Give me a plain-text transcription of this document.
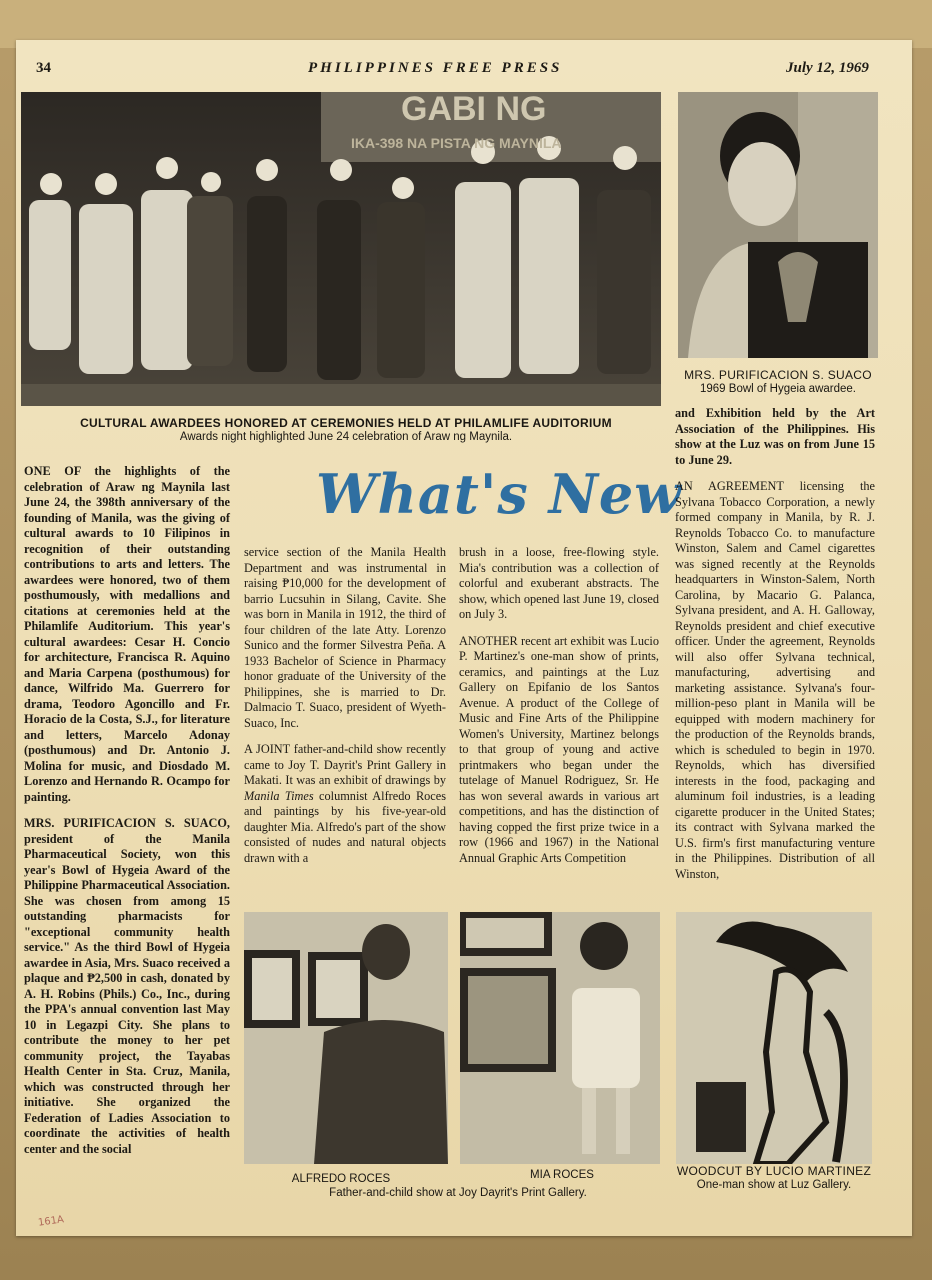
34	PHILIPPINES FREE PRESS	July 12, 1969
GABI NG
IKA-398 NA PISTA NG MAYNILA
CULTURAL AWARDEES HONORED AT CEREMONIES HELD AT PHILAMLIFE AUDITORIUM
Awards night highlighted June 24 celebration of Araw ng Maynila.
MRS. PURIFICACION S. SUACO
1969 Bowl of Hygeia awardee.
What's New

ONE OF the highlights of the celebration of Araw ng Maynila last June 24, the 398th anniversary of the founding of Manila, was the giving of cultural awards to 10 Filipinos in recognition of their outstanding contributions to arts and letters. The awardees were honored, two of them posthumously, with medallions and citations at ceremonies held at the Philamlife Auditorium. This year's cultural awardees: Cesar H. Concio for architecture, Francisca R. Aquino and Maria Carpena (posthumous) for dance, Wilfrido Ma. Guerrero for drama, Teodoro Agoncillo and Fr. Horacio de la Costa, S.J., for literature and letters, Marcelo Adonay (posthumous) and Dr. Antonio J. Molina for music, and Diosdado M. Lorenzo and Hernando R. Ocampo for painting.

MRS. PURIFICACION S. SUACO, president of the Manila Pharmaceutical Society, won this year's Bowl of Hygeia Award of the Philippine Pharmaceutical Association. She was chosen from among 15 outstanding pharmacists for "exceptional community health service." As the third Bowl of Hygeia awardee in Asia, Mrs. Suaco received a plaque and ₱2,500 in cash, donated by A. H. Robins (Phils.) Co., Inc., during the PPA's annual convention last May 10 in Legazpi City. She plans to contribute the money to her pet community project, the Tayabas Health Center in Sta. Cruz, Manila, which was constructed through her initiative. She organized the Federation of Ladies Association to coordinate the activities of health center and the social

service section of the Manila Health Department and was instrumental in raising ₱10,000 for the development of barrio Lucsuhin in Silang, Cavite. She was born in Manila in 1912, the third of four children of the late Atty. Lorenzo Sunico and the former Silvestra Peña. A 1933 Bachelor of Science in Pharmacy honor graduate of the University of the Philippines, she is married to Dr. Dalmacio T. Suaco, president of Wyeth-Suaco, Inc.

A JOINT father-and-child show recently came to Joy T. Dayrit's Print Gallery in Makati. It was an exhibit of drawings by Manila Times columnist Alfredo Roces and paintings by his five-year-old daughter Mia. Alfredo's part of the show consisted of nudes and natural objects drawn with a

brush in a loose, free-flowing style. Mia's contribution was a collection of colorful and exuberant abstracts. The show, which opened last June 19, closed on July 3.

ANOTHER recent art exhibit was Lucio P. Martinez's one-man show of prints, ceramics, and paintings at the Luz Gallery on Epifanio de los Santos Avenue. A product of the College of Music and Fine Arts of the Philippine Women's University, Martinez belongs to that group of young and active printmakers who began under the tutelage of Manuel Rodriguez, Sr. He has won several awards in various art competitions, and has the distinction of having copped the first prize twice in a row (1966 and 1967) in the National Annual Graphic Arts Competition

and Exhibition held by the Art Association of the Philippines. His show at the Luz was on from June 15 to June 29.

AN AGREEMENT licensing the Sylvana Tobacco Corporation, a newly formed company in Manila, by R. J. Reynolds Tobacco Co. to manufacture Winston, Salem and Camel cigarettes was signed recently at the Reynolds headquarters in Winston-Salem, North Carolina, by Macario G. Palanca, Sylvana president, and A. H. Galloway, Reynolds president and chief executive officer. Under the agreement, Reynolds will also offer Sylvana technical, manufacturing, advertising and marketing assistance. Sylvana's four-million-peso plant in Manila will be equipped with modern machinery for the production of the Reynolds brands, which is scheduled to begin in 1970. Reynolds, which has diversified interests in the food, packaging and aluminum foil industries, is a leading cigarette producer in the United States; its contract with Sylvana marked the U.S. firm's first manufacturing venture in the Philippines. Distribution of all Winston,

ALFREDO ROCES	MIA ROCES
Father-and-child show at Joy Dayrit's Print Gallery.
WOODCUT BY LUCIO MARTINEZ
One-man show at Luz Gallery.
161A
